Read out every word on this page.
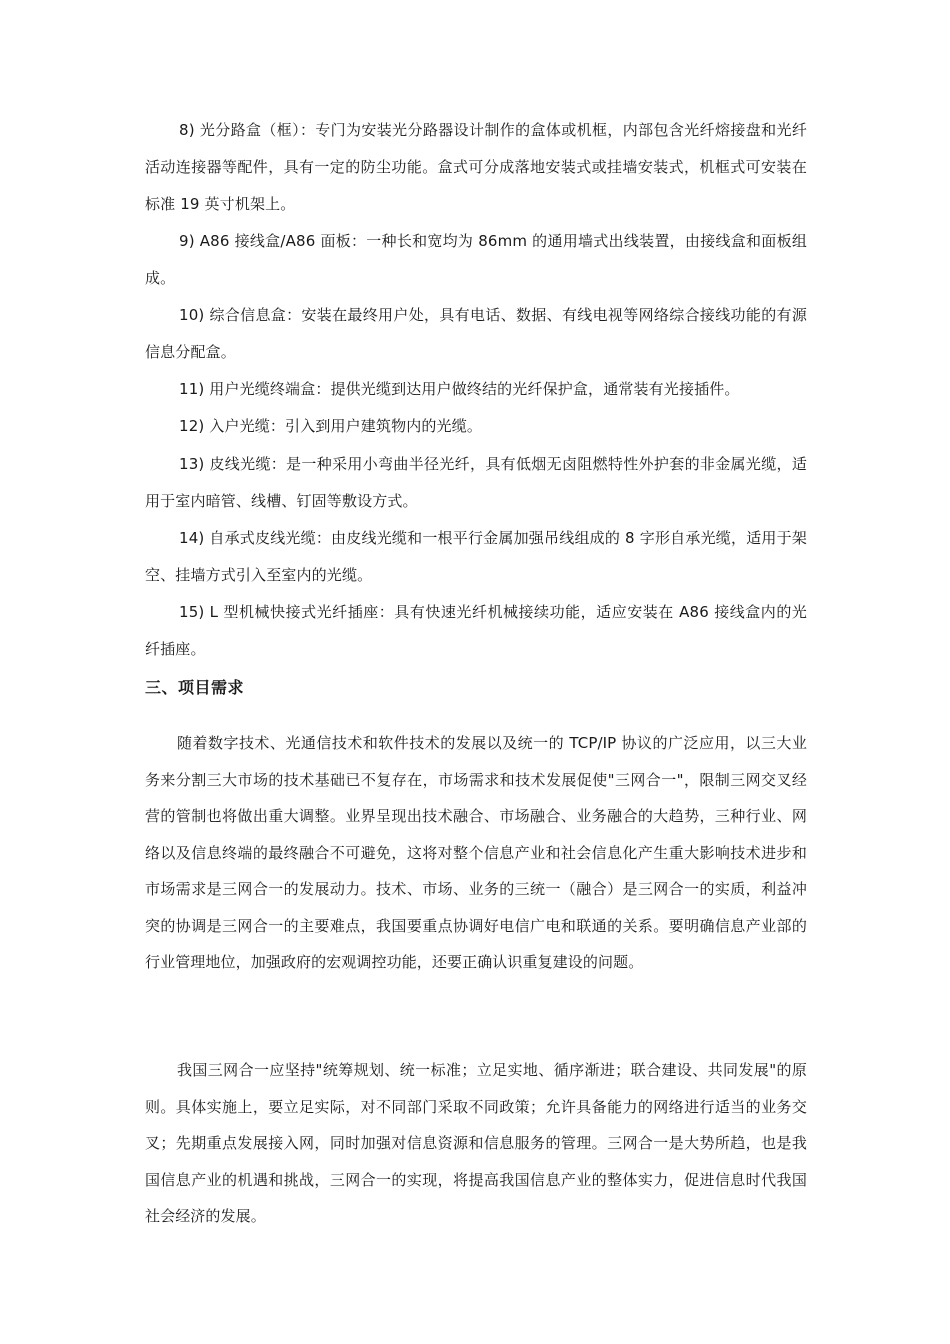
8) 光分路盒（框）：专门为安装光分路器设计制作的盒体或机框，内部包含光纤熔接盘和光纤活动连接器等配件，具有一定的防尘功能。盒式可分成落地安装式或挂墙安装式，机框式可安装在标准 19 英寸机架上。

9) A86 接线盒/A86 面板：一种长和宽均为 86mm 的通用墙式出线装置，由接线盒和面板组成。

10) 综合信息盒：安装在最终用户处，具有电话、数据、有线电视等网络综合接线功能的有源信息分配盒。

11) 用户光缆终端盒：提供光缆到达用户做终结的光纤保护盒，通常装有光接插件。

12) 入户光缆：引入到用户建筑物内的光缆。

13) 皮线光缆：是一种采用小弯曲半径光纤，具有低烟无卤阻燃特性外护套的非金属光缆，适用于室内暗管、线槽、钉固等敷设方式。

14) 自承式皮线光缆：由皮线光缆和一根平行金属加强吊线组成的 8 字形自承光缆，适用于架空、挂墙方式引入至室内的光缆。

15) L 型机械快接式光纤插座：具有快速光纤机械接续功能，适应安装在 A86 接线盒内的光纤插座。

三、项目需求

随着数字技术、光通信技术和软件技术的发展以及统一的 TCP/IP 协议的广泛应用，以三大业务来分割三大市场的技术基础已不复存在，市场需求和技术发展促使"三网合一"，限制三网交叉经营的管制也将做出重大调整。业界呈现出技术融合、市场融合、业务融合的大趋势，三种行业、网络以及信息终端的最终融合不可避免，这将对整个信息产业和社会信息化产生重大影响技术进步和市场需求是三网合一的发展动力。技术、市场、业务的三统一（融合）是三网合一的实质，利益冲突的协调是三网合一的主要难点，我国要重点协调好电信广电和联通的关系。要明确信息产业部的行业管理地位，加强政府的宏观调控功能，还要正确认识重复建设的问题。

我国三网合一应坚持"统筹规划、统一标准；立足实地、循序渐进；联合建设、共同发展"的原则。具体实施上，要立足实际，对不同部门采取不同政策；允许具备能力的网络进行适当的业务交叉；先期重点发展接入网，同时加强对信息资源和信息服务的管理。三网合一是大势所趋，也是我国信息产业的机遇和挑战，三网合一的实现，将提高我国信息产业的整体实力，促进信息时代我国社会经济的发展。
